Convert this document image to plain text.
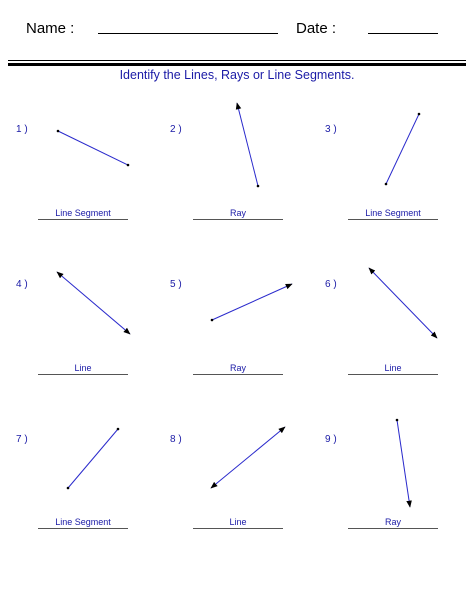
Name :	Date :
Identify the Lines, Rays or Line Segments.
1 )	2 )	3 )
4 )	5 )	6 )
7 )	8 )	9 )
Line Segment	Ray	Line Segment
Line	Ray	Line
Line Segment	Line	Ray
